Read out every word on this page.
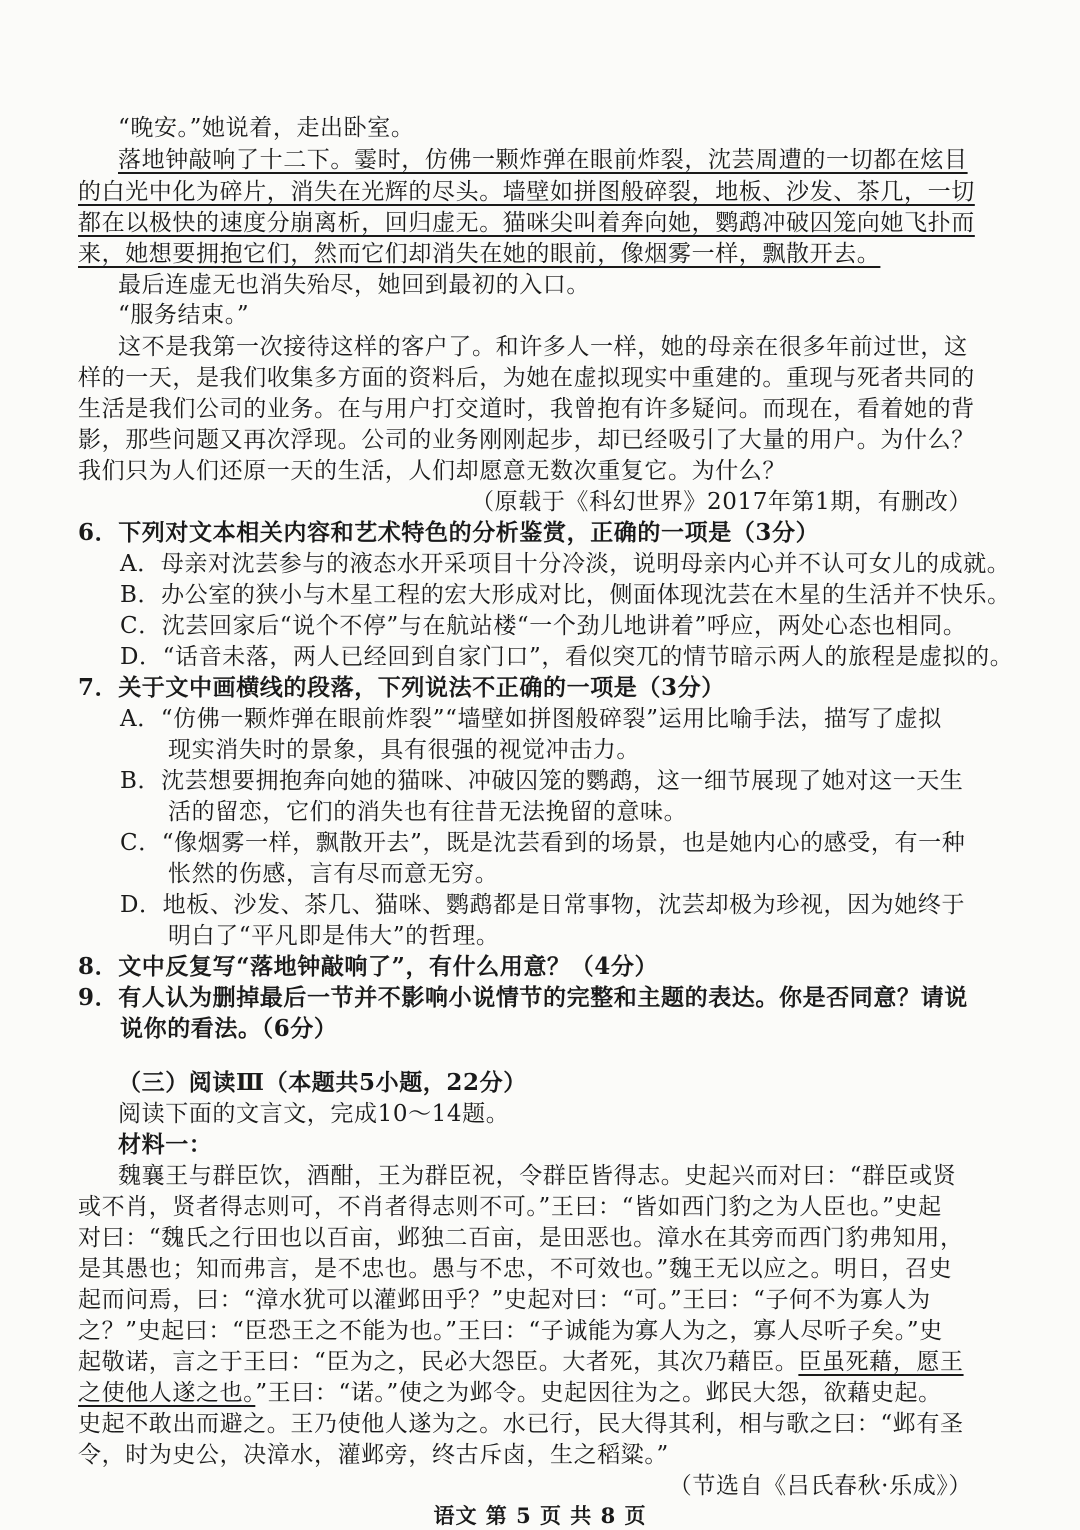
“晚安。”她说着，走出卧室。
落地钟敲响了十二下。霎时，仿佛一颗炸弹在眼前炸裂，沈芸周遭的一切都在炫目
的白光中化为碎片，消失在光辉的尽头。墙壁如拼图般碎裂，地板、沙发、茶几，一切
都在以极快的速度分崩离析，回归虚无。猫咪尖叫着奔向她，鹦鹉冲破囚笼向她飞扑而
来，她想要拥抱它们，然而它们却消失在她的眼前，像烟雾一样，飘散开去。
最后连虚无也消失殆尽，她回到最初的入口。
“服务结束。”
这不是我第一次接待这样的客户了。和许多人一样，她的母亲在很多年前过世，这
样的一天，是我们收集多方面的资料后，为她在虚拟现实中重建的。重现与死者共同的
生活是我们公司的业务。在与用户打交道时，我曾抱有许多疑问。而现在，看着她的背
影，那些问题又再次浮现。公司的业务刚刚起步，却已经吸引了大量的用户。为什么？
我们只为人们还原一天的生活，人们却愿意无数次重复它。为什么？
（原载于《科幻世界》2017年第1期，有删改）
6．下列对文本相关内容和艺术特色的分析鉴赏，正确的一项是（3分）
A．母亲对沈芸参与的液态水开采项目十分冷淡，说明母亲内心并不认可女儿的成就。
B．办公室的狭小与木星工程的宏大形成对比，侧面体现沈芸在木星的生活并不快乐。
C．沈芸回家后“说个不停”与在航站楼“一个劲儿地讲着”呼应，两处心态也相同。
D．“话音未落，两人已经回到自家门口”，看似突兀的情节暗示两人的旅程是虚拟的。
7．关于文中画横线的段落，下列说法不正确的一项是（3分）
A．“仿佛一颗炸弹在眼前炸裂”“墙壁如拼图般碎裂”运用比喻手法，描写了虚拟
现实消失时的景象，具有很强的视觉冲击力。
B．沈芸想要拥抱奔向她的猫咪、冲破囚笼的鹦鹉，这一细节展现了她对这一天生
活的留恋，它们的消失也有往昔无法挽留的意味。
C．“像烟雾一样，飘散开去”，既是沈芸看到的场景，也是她内心的感受，有一种
怅然的伤感，言有尽而意无穷。
D．地板、沙发、茶几、猫咪、鹦鹉都是日常事物，沈芸却极为珍视，因为她终于
明白了“平凡即是伟大”的哲理。
8．文中反复写“落地钟敲响了”，有什么用意？（4分）
9．有人认为删掉最后一节并不影响小说情节的完整和主题的表达。你是否同意？请说
说你的看法。（6分）
（三）阅读Ⅲ（本题共5小题，22分）
阅读下面的文言文，完成10～14题。
材料一：
魏襄王与群臣饮，酒酣，王为群臣祝，令群臣皆得志。史起兴而对曰：“群臣或贤
或不肖，贤者得志则可，不肖者得志则不可。”王曰：“皆如西门豹之为人臣也。”史起
对曰：“魏氏之行田也以百亩，邺独二百亩，是田恶也。漳水在其旁而西门豹弗知用，
是其愚也；知而弗言，是不忠也。愚与不忠，不可效也。”魏王无以应之。明日，召史
起而问焉，曰：“漳水犹可以灌邺田乎？”史起对曰：“可。”王曰：“子何不为寡人为
之？”史起曰：“臣恐王之不能为也。”王曰：“子诚能为寡人为之，寡人尽听子矣。”史
起敬诺，言之于王曰：“臣为之，民必大怨臣。大者死，其次乃藉臣。臣虽死藉，愿王
之使他人遂之也。”王曰：“诺。”使之为邺令。史起因往为之。邺民大怨，欲藉史起。
史起不敢出而避之。王乃使他人遂为之。水已行，民大得其利，相与歌之曰：“邺有圣
令，时为史公，决漳水，灌邺旁，终古斥卤，生之稻粱。”
（节选自《吕氏春秋·乐成》）
语文 第 5 页 共 8 页
